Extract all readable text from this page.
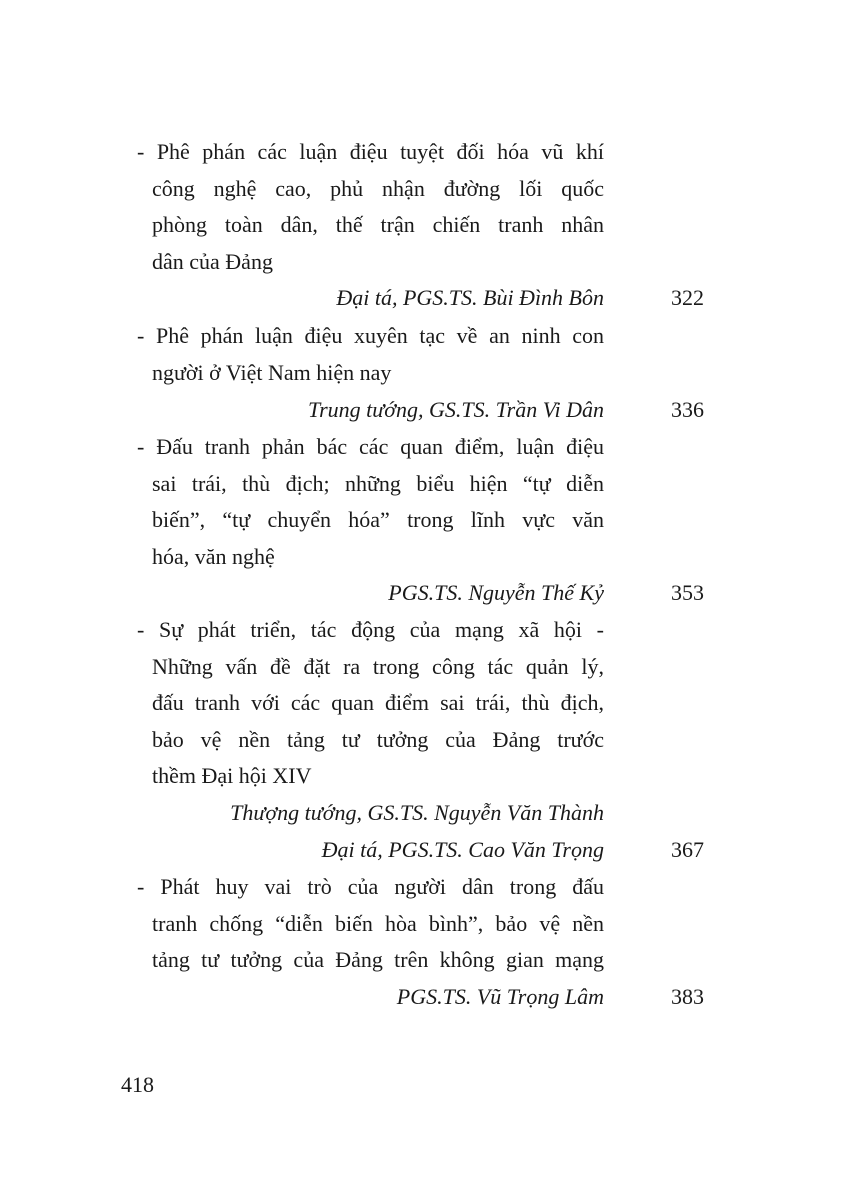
- Phê phán các luận điệu tuyệt đối hóa vũ khí
công nghệ cao, phủ nhận đường lối quốc
phòng toàn dân, thế trận chiến tranh nhân
dân của Đảng
Đại tá, PGS.TS. Bùi Đình Bôn	322
- Phê phán luận điệu xuyên tạc về an ninh con
người ở Việt Nam hiện nay
Trung tướng, GS.TS. Trần Vi Dân	336
- Đấu tranh phản bác các quan điểm, luận điệu
sai trái, thù địch; những biểu hiện “tự diễn
biến”, “tự chuyển hóa” trong lĩnh vực văn
hóa, văn nghệ
PGS.TS. Nguyễn Thế Kỷ	353
- Sự phát triển, tác động của mạng xã hội -
Những vấn đề đặt ra trong công tác quản lý,
đấu tranh với các quan điểm sai trái, thù địch,
bảo vệ nền tảng tư tưởng của Đảng trước
thềm Đại hội XIV
Thượng tướng, GS.TS. Nguyễn Văn Thành
Đại tá, PGS.TS. Cao Văn Trọng	367
- Phát huy vai trò của người dân trong đấu
tranh chống “diễn biến hòa bình”, bảo vệ nền
tảng tư tưởng của Đảng trên không gian mạng
PGS.TS. Vũ Trọng Lâm	383
418
